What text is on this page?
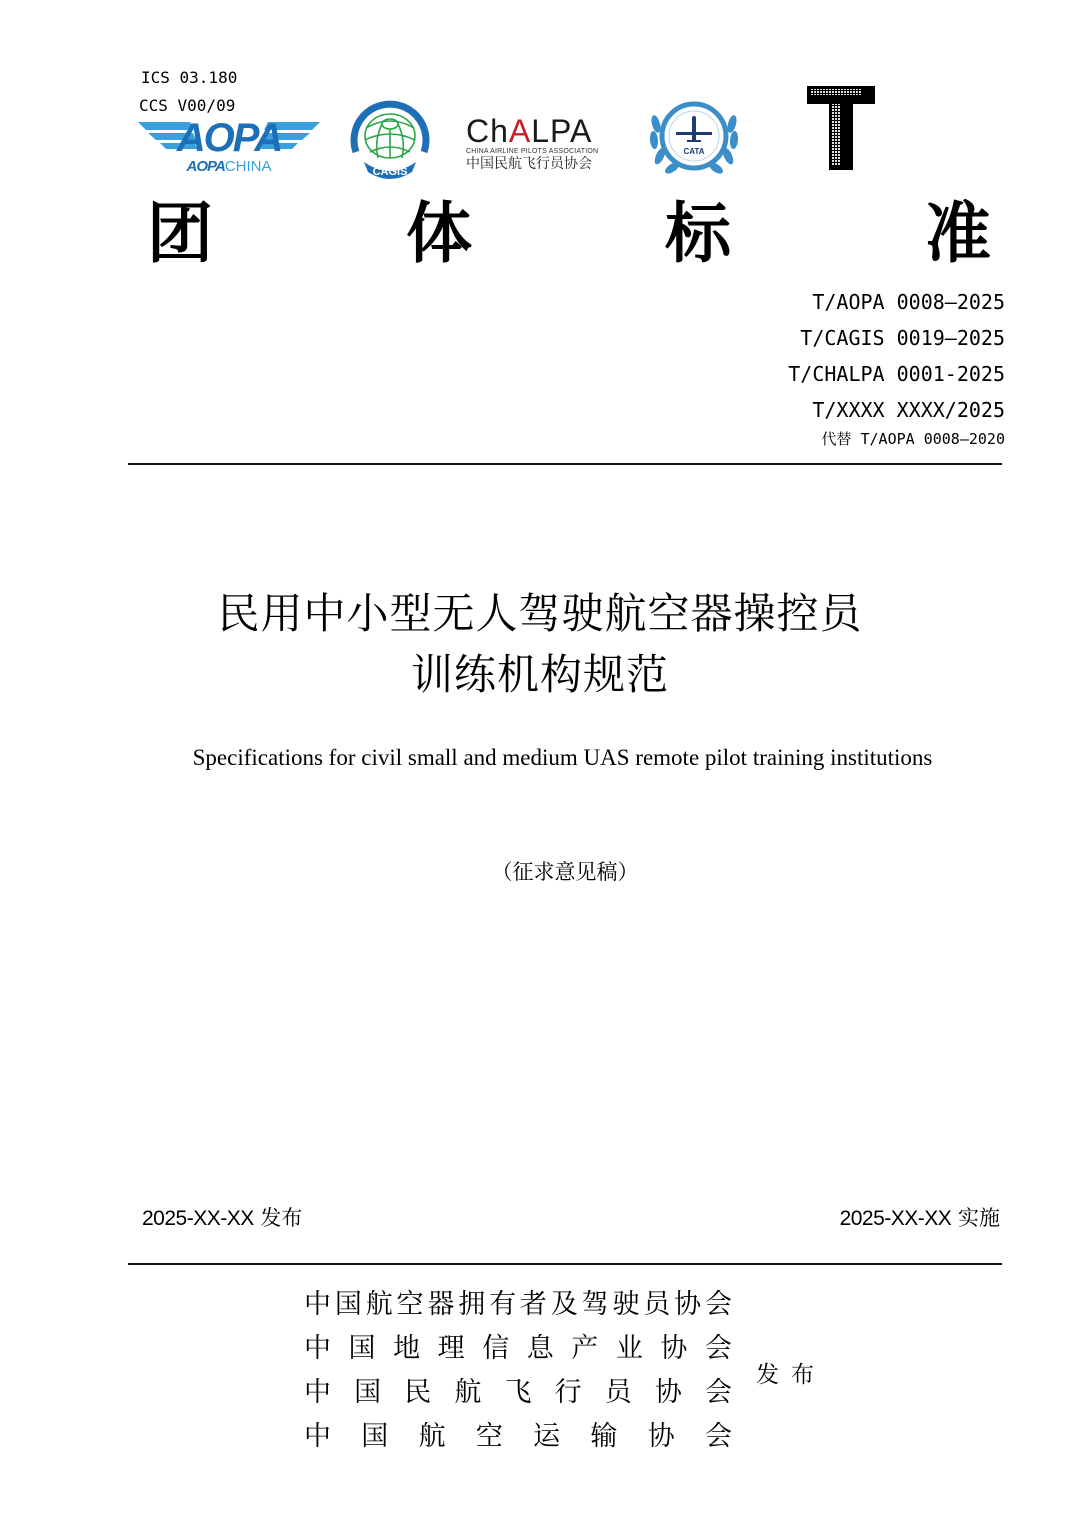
ICS 03.180
CCS V00/09
AOPA
AOPACHINA	CAGIS
ChALPA
CHINA AIRLINE PILOTS ASSOCIATION
中国民航飞行员协会
CATA
团	体	标	准
T/AOPA 0008—2025
T/CAGIS 0019—2025
T/CHALPA 0001-2025
T/XXXX XXXX/2025
代替 T/AOPA 0008—2020
民用中小型无人驾驶航空器操控员
训练机构规范
Specifications for civil small and medium UAS remote pilot training institutions
（征求意见稿）
2025-XX-XX 发布	2025-XX-XX 实施
中 国 航 空 器 拥 有 者 及 驾 驶 员 协 会
中 国 地 理 信 息 产 业 协 会
中 国 民 航 飞 行 员 协 会
中 国 航 空 运 输 协 会
发布
